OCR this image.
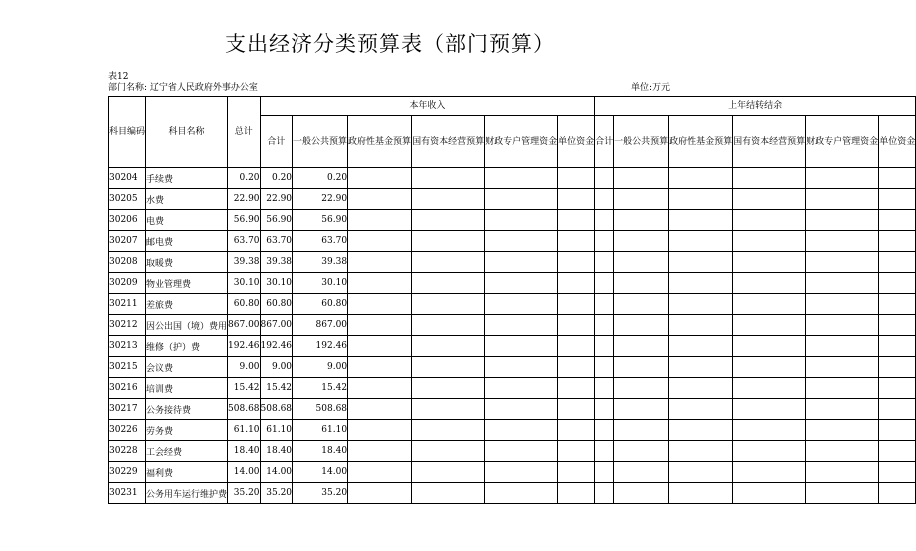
支出经济分类预算表（部门预算）
表12
部门名称: 辽宁省人民政府外事办公室	单位:万元
科目编码	科目名称	总计	本年收入						上年结转结余					
			合计	一般公共预算	政府性基金预算	国有资本经营预算	财政专户管理资金	单位资金	合计	一般公共预算	政府性基金预算	国有资本经营预算	财政专户管理资金	单位资金
30204	手续费	0.20	0.20	0.20										
30205	水费	22.90	22.90	22.90										
30206	电费	56.90	56.90	56.90										
30207	邮电费	63.70	63.70	63.70										
30208	取暖费	39.38	39.38	39.38										
30209	物业管理费	30.10	30.10	30.10										
30211	差旅费	60.80	60.80	60.80										
30212	因公出国（境）费用	867.00	867.00	867.00										
30213	维修（护）费	192.46	192.46	192.46										
30215	会议费	9.00	9.00	9.00										
30216	培训费	15.42	15.42	15.42										
30217	公务接待费	508.68	508.68	508.68										
30226	劳务费	61.10	61.10	61.10										
30228	工会经费	18.40	18.40	18.40										
30229	福利费	14.00	14.00	14.00										
30231	公务用车运行维护费	35.20	35.20	35.20										
